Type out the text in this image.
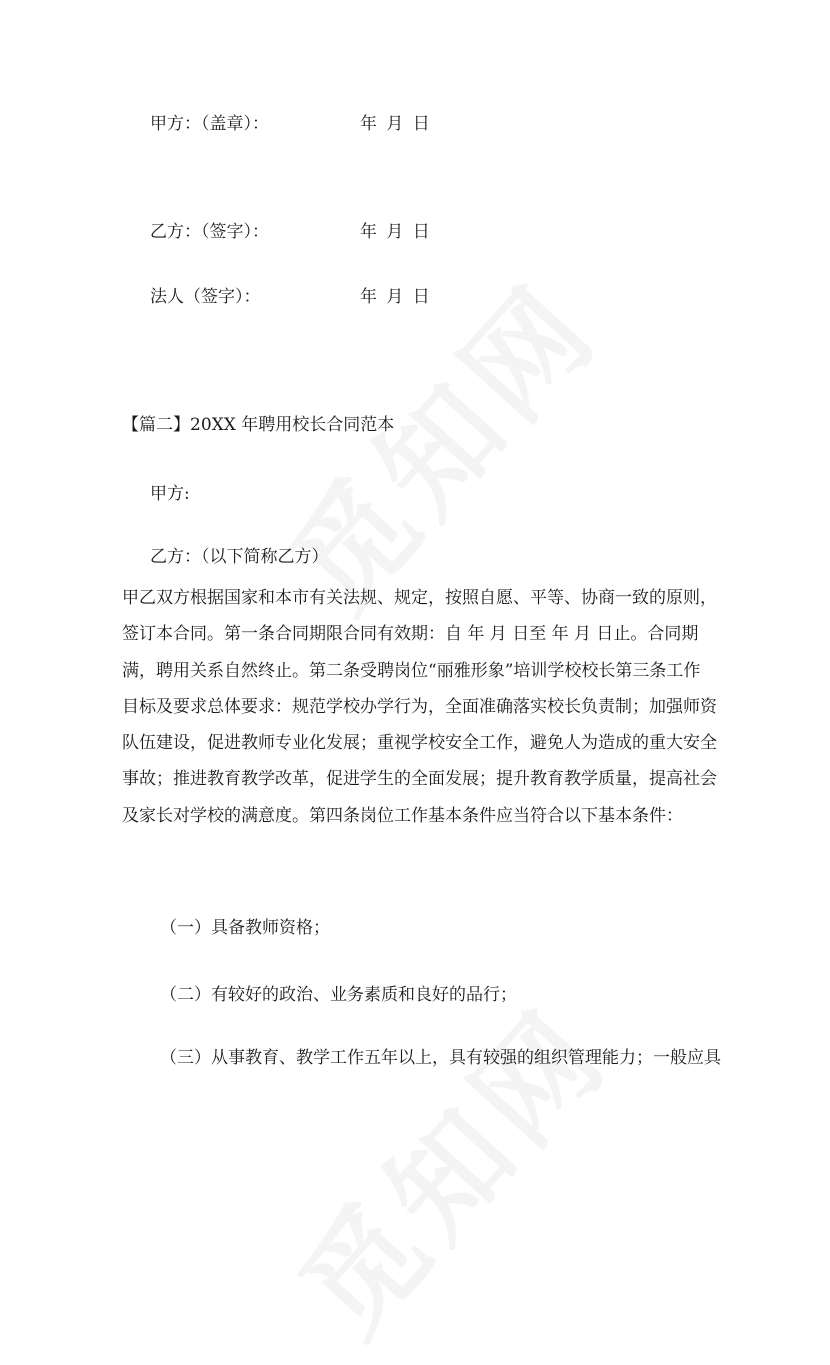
甲方：（盖章）：	年 月 日
乙方：（签字）：	年 月 日
法人（签字）：	年 月 日
【篇二】20XX 年聘用校长合同范本
甲方:
乙方：（以下简称乙方）
甲乙双方根据国家和本市有关法规、规定，按照自愿、平等、协商一致的原则，
签订本合同。第一条合同期限合同有效期：自 年 月 日至 年 月 日止。合同期
满，聘用关系自然终止。第二条受聘岗位“丽雅形象”培训学校校长第三条工作
目标及要求总体要求：规范学校办学行为，全面准确落实校长负责制；加强师资
队伍建设，促进教师专业化发展；重视学校安全工作，避免人为造成的重大安全
事故；推进教育教学改革，促进学生的全面发展；提升教育教学质量，提高社会
及家长对学校的满意度。第四条岗位工作基本条件应当符合以下基本条件：
（一）具备教师资格；
（二）有较好的政治、业务素质和良好的品行；
（三）从事教育、教学工作五年以上，具有较强的组织管理能力；一般应具
